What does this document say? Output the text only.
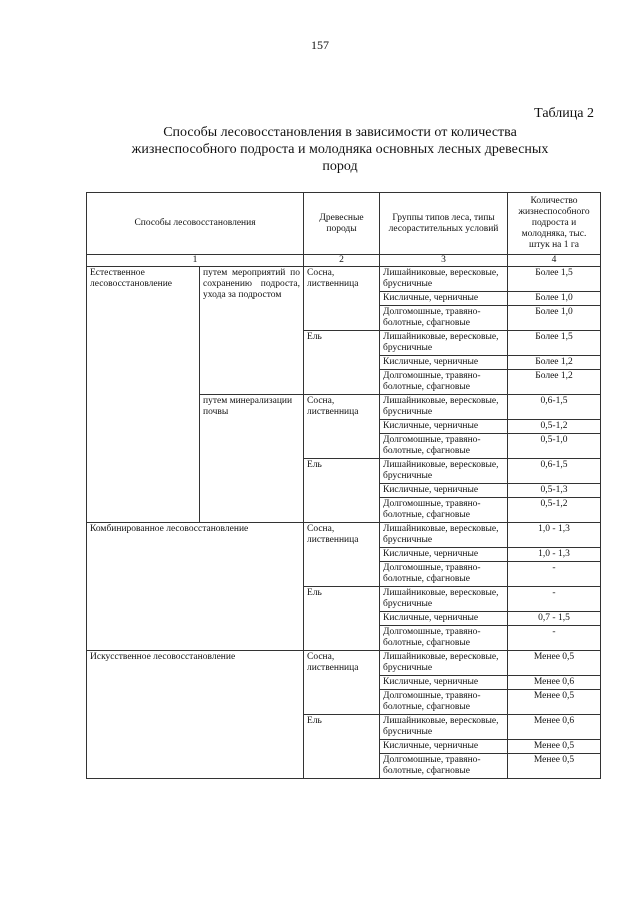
157
Таблица 2
Способы лесовосстановления в зависимости от количества жизнеспособного подроста и молодняка основных лесных древесных пород
Способы лесовосстановления		Древесные породы	Группы типов леса, типы лесорастительных условий	Количество жизнеспособного подроста и молодняка, тыс. штук на 1 га
1		2	3	4
Естественное лесовосстановление	путем мероприятий по сохранению подроста, ухода за подростом	Сосна, лиственница	Лишайниковые, вересковые, брусничные	Более 1,5
			Кисличные, черничные	Более 1,0
			Долгомошные, травяно-болотные, сфагновые	Более 1,0
		Ель	Лишайниковые, вересковые, брусничные	Более 1,5
			Кисличные, черничные	Более 1,2
			Долгомошные, травяно-болотные, сфагновые	Более 1,2
	путем минерализации почвы	Сосна, лиственница	Лишайниковые, вересковые, брусничные	0,6-1,5
			Кисличные, черничные	0,5-1,2
			Долгомошные, травяно-болотные, сфагновые	0,5-1,0
		Ель	Лишайниковые, вересковые, брусничные	0,6-1,5
			Кисличные, черничные	0,5-1,3
			Долгомошные, травяно-болотные, сфагновые	0,5-1,2
Комбинированное лесовосстановление		Сосна, лиственница	Лишайниковые, вересковые, брусничные	1,0 - 1,3
			Кисличные, черничные	1,0 - 1,3
			Долгомошные, травяно-болотные, сфагновые	-
		Ель	Лишайниковые, вересковые, брусничные	-
			Кисличные, черничные	0,7 - 1,5
			Долгомошные, травяно-болотные, сфагновые	-
Искусственное лесовосстановление		Сосна, лиственница	Лишайниковые, вересковые, брусничные	Менее 0,5
			Кисличные, черничные	Менее 0,6
			Долгомошные, травяно-болотные, сфагновые	Менее 0,5
		Ель	Лишайниковые, вересковые, брусничные	Менее 0,6
			Кисличные, черничные	Менее 0,5
			Долгомошные, травяно-болотные, сфагновые	Менее 0,5
